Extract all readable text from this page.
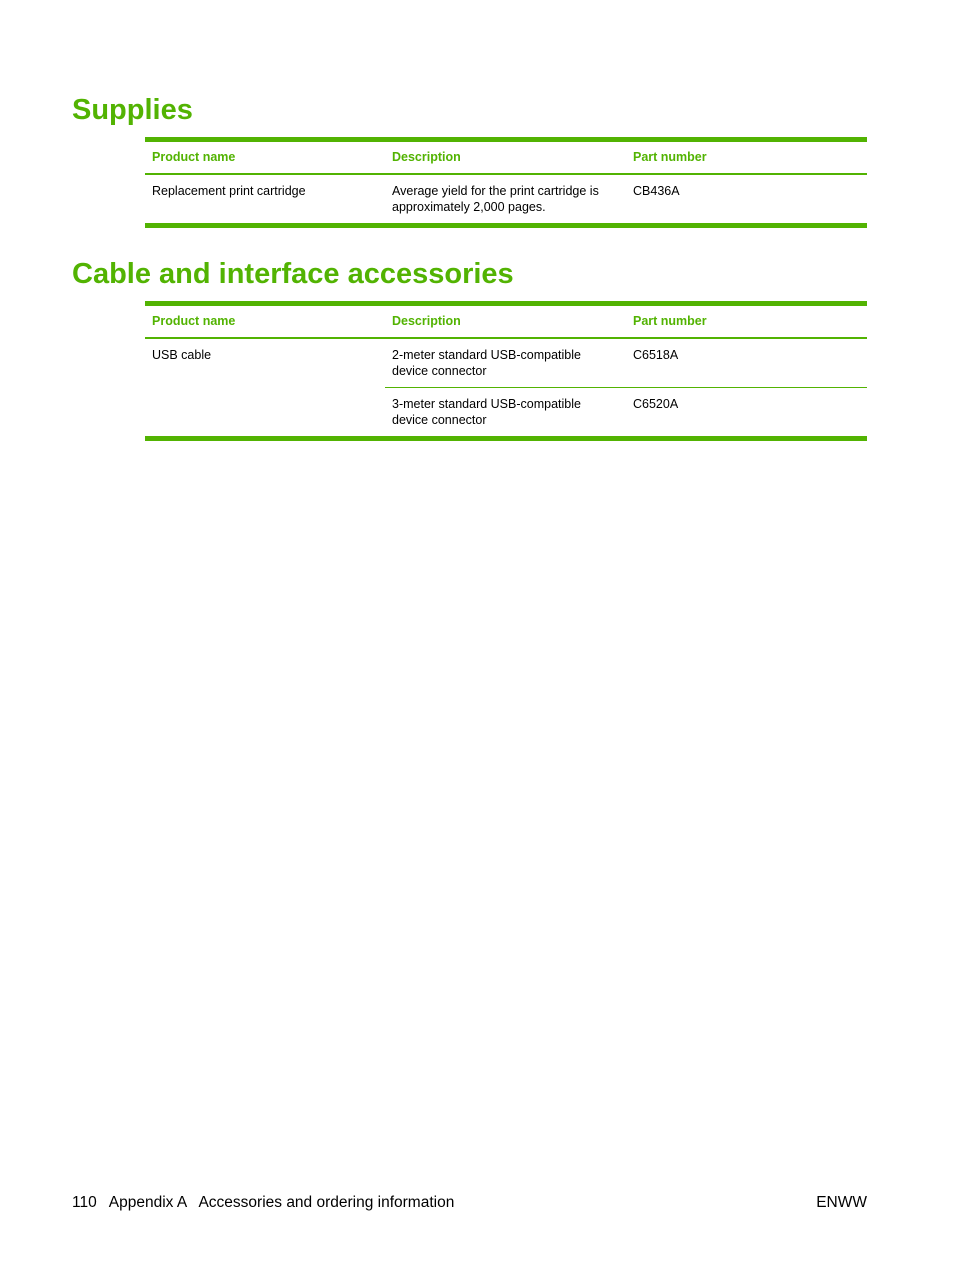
Supplies
Product name	Description	Part number
Replacement print cartridge	Average yield for the print cartridge is approximately 2,000 pages.	CB436A
Cable and interface accessories
Product name	Description	Part number
USB cable	2-meter standard USB-compatible device connector	C6518A
	3-meter standard USB-compatible device connector	C6520A
110 Appendix A Accessories and ordering information	ENWW
